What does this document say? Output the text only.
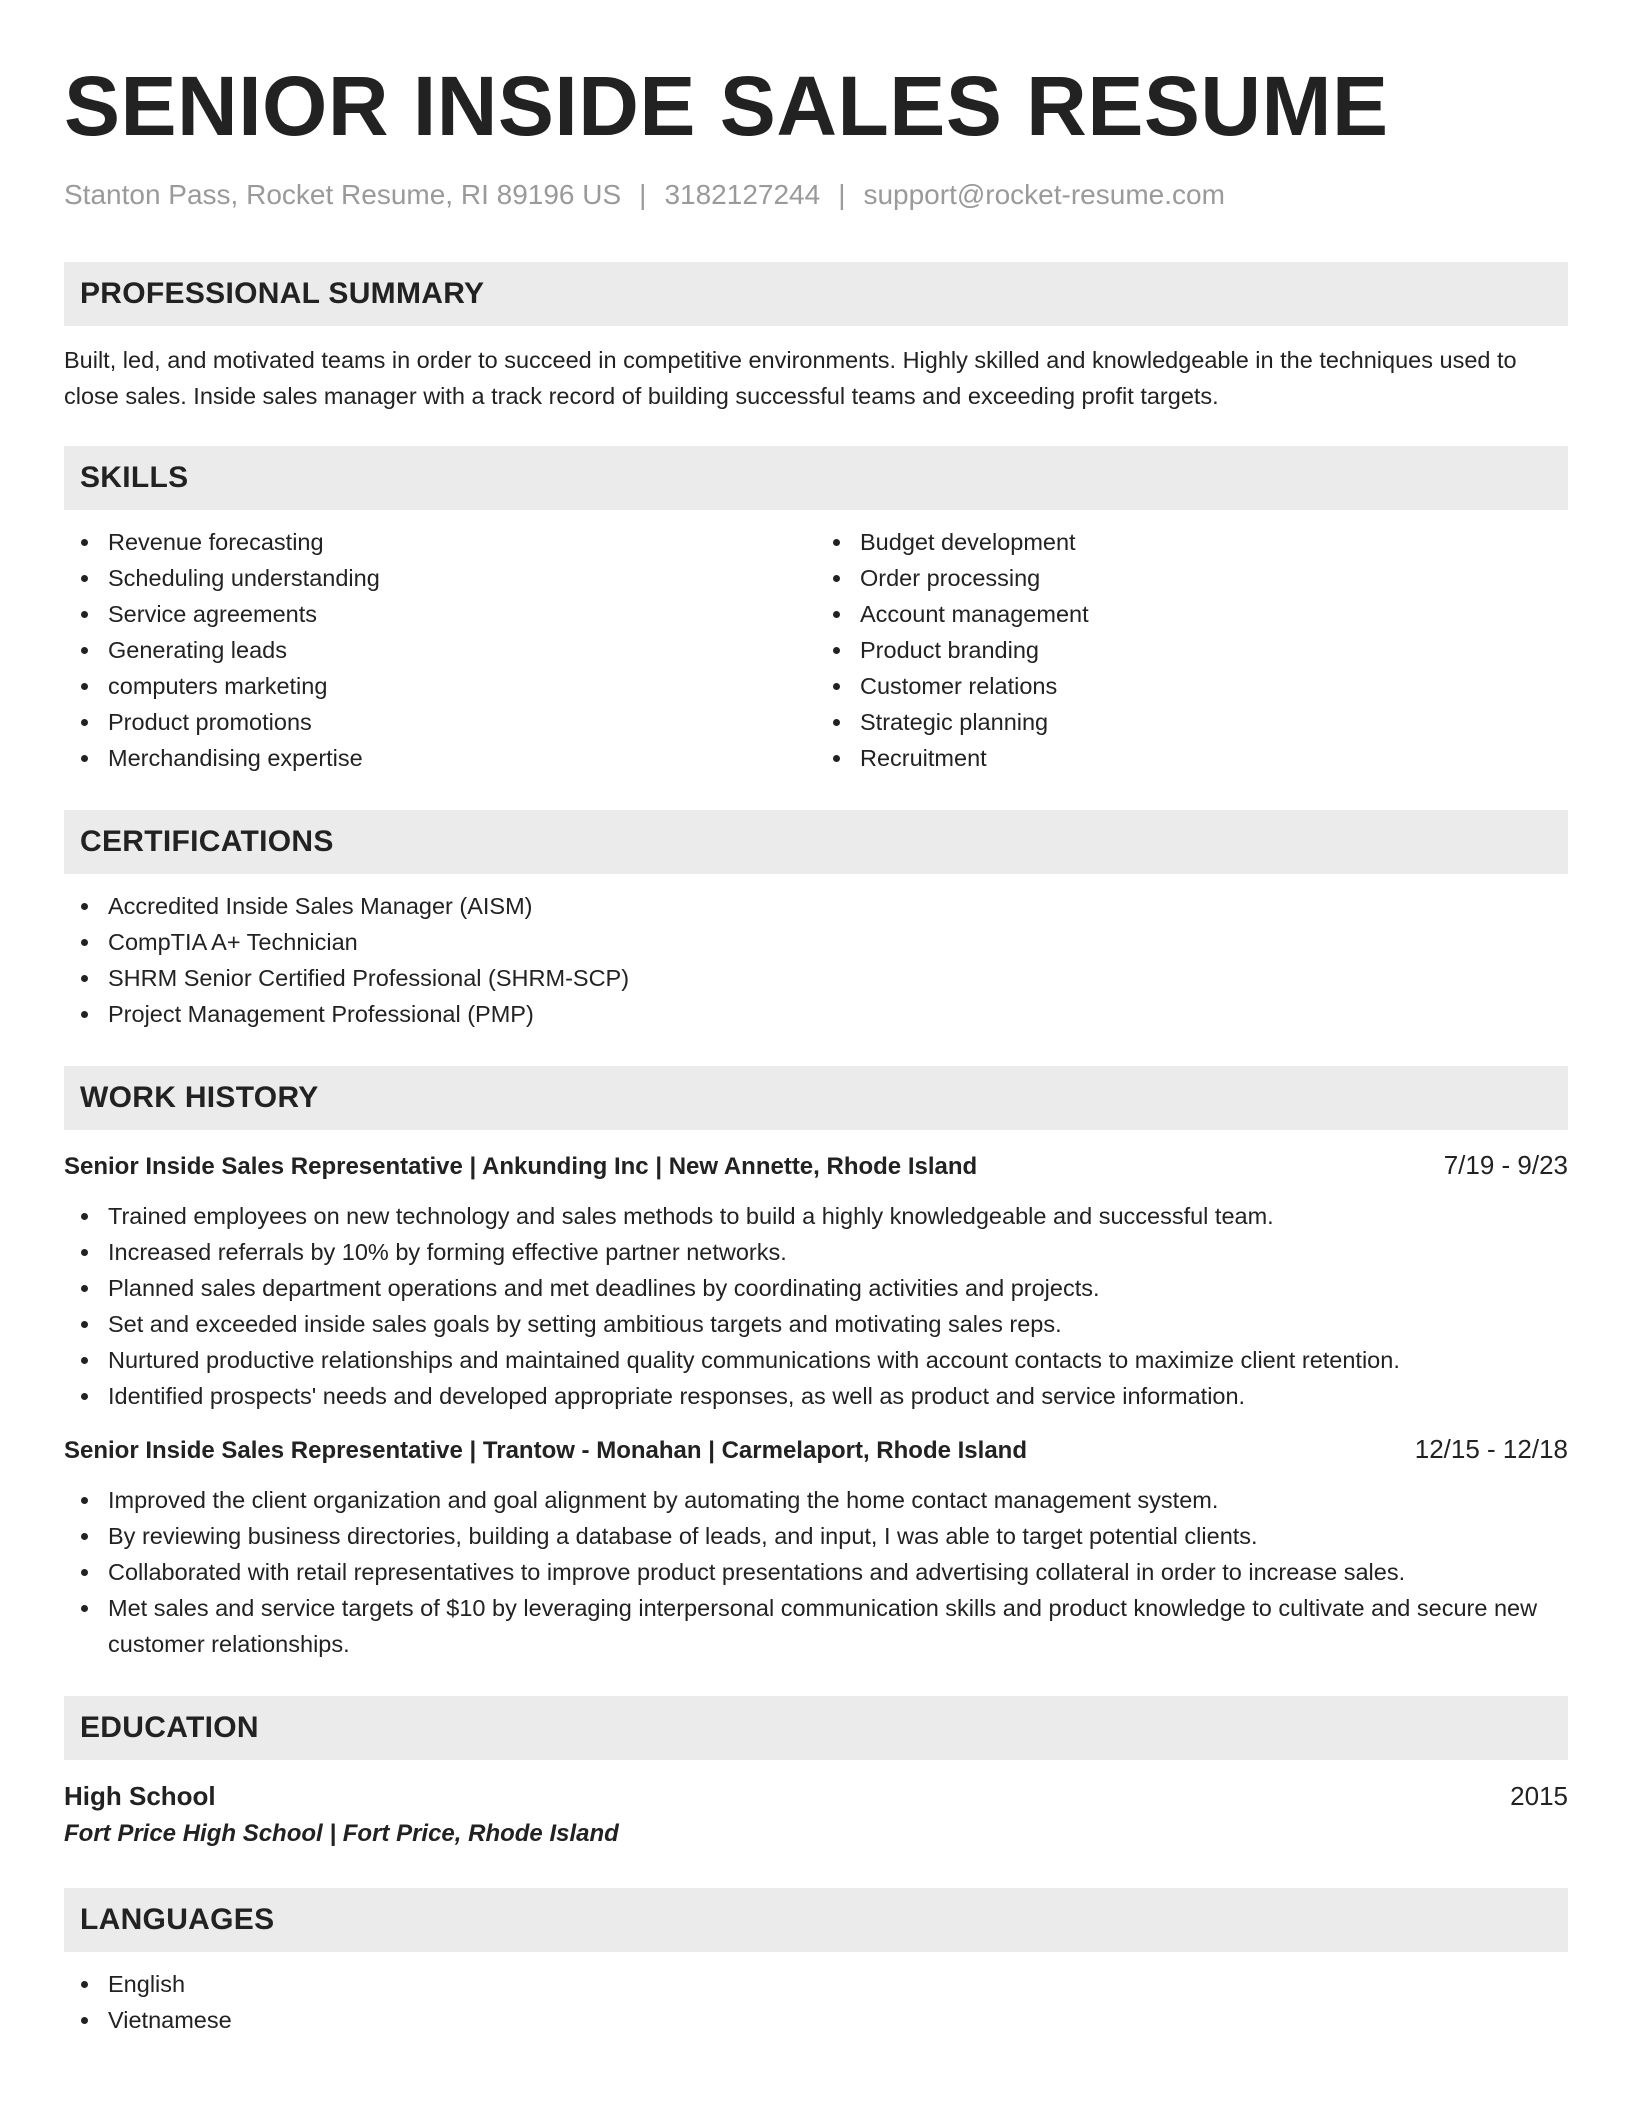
SENIOR INSIDE SALES RESUME
Stanton Pass, Rocket Resume, RI 89196 US | 3182127244 | support@rocket-resume.com
PROFESSIONAL SUMMARY

Built, led, and motivated teams in order to succeed in competitive environments. Highly skilled and knowledgeable in the techniques used to close sales. Inside sales manager with a track record of building successful teams and exceeding profit targets.

SKILLS
Revenue forecasting
Scheduling understanding
Service agreements
Generating leads
computers marketing
Product promotions
Merchandising expertise
Budget development
Order processing
Account management
Product branding
Customer relations
Strategic planning
Recruitment
CERTIFICATIONS
Accredited Inside Sales Manager (AISM)
CompTIA A+ Technician
SHRM Senior Certified Professional (SHRM-SCP)
Project Management Professional (PMP)
WORK HISTORY
Senior Inside Sales Representative | Ankunding Inc | New Annette, Rhode Island	7/19 - 9/23
Trained employees on new technology and sales methods to build a highly knowledgeable and successful team.
Increased referrals by 10% by forming effective partner networks.
Planned sales department operations and met deadlines by coordinating activities and projects.
Set and exceeded inside sales goals by setting ambitious targets and motivating sales reps.
Nurtured productive relationships and maintained quality communications with account contacts to maximize client retention.
Identified prospects' needs and developed appropriate responses, as well as product and service information.
Senior Inside Sales Representative | Trantow - Monahan | Carmelaport, Rhode Island	12/15 - 12/18
Improved the client organization and goal alignment by automating the home contact management system.
By reviewing business directories, building a database of leads, and input, I was able to target potential clients.
Collaborated with retail representatives to improve product presentations and advertising collateral in order to increase sales.
Met sales and service targets of $10 by leveraging interpersonal communication skills and product knowledge to cultivate and secure new customer relationships.
EDUCATION
High School	2015
Fort Price High School | Fort Price, Rhode Island
LANGUAGES
English
Vietnamese
